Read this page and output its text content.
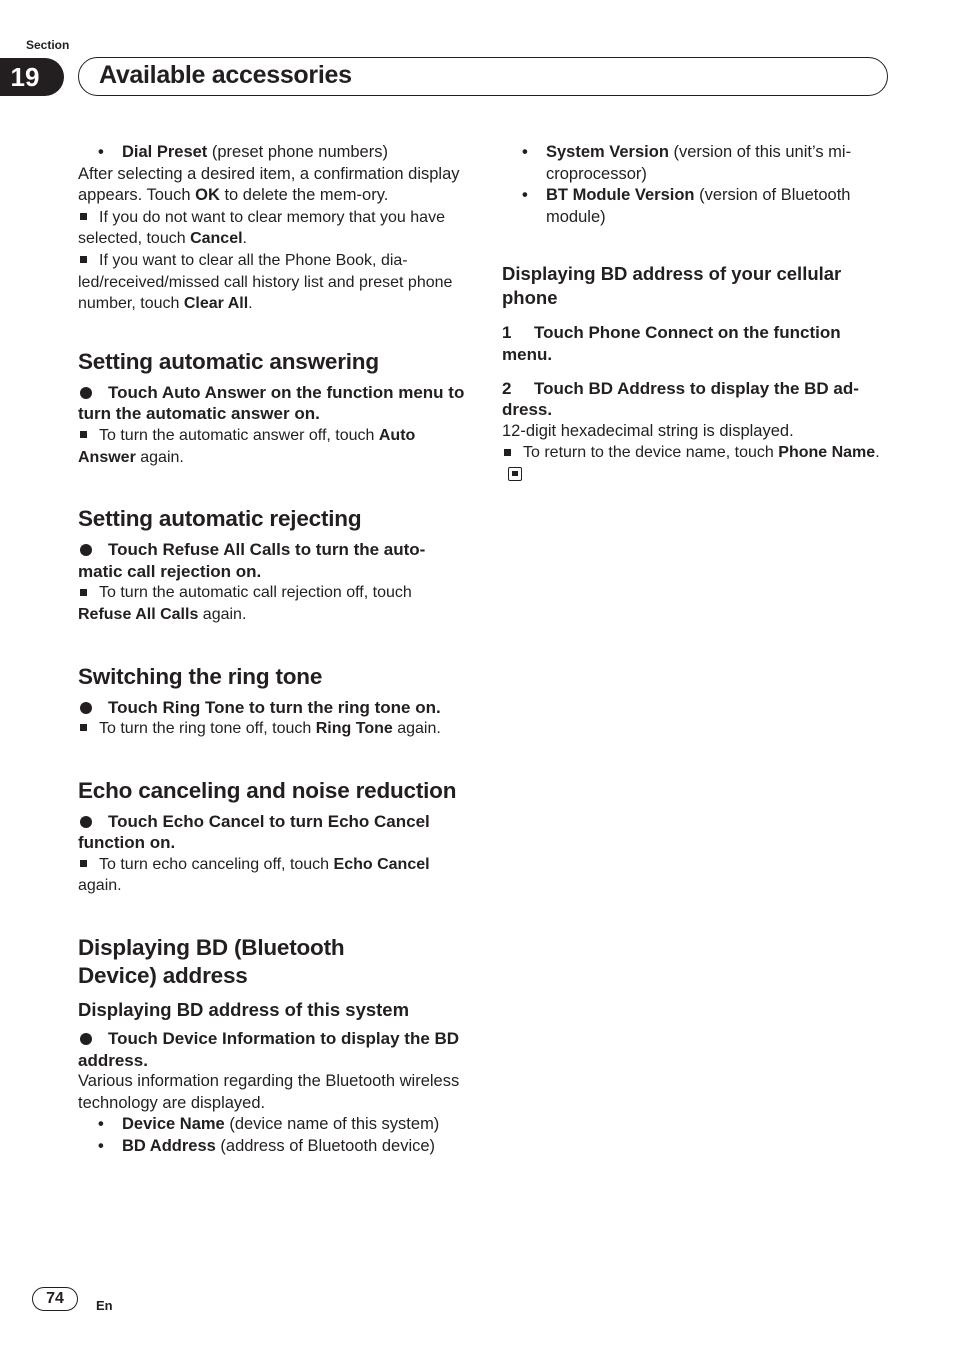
Section
19	Available accessories
•	Dial Preset (preset phone numbers)

After selecting a desired item, a confirmation display appears. Touch OK to delete the mem-ory.

If you do not want to clear memory that you have selected, touch Cancel.

If you want to clear all the Phone Book, dia-led/received/missed call history list and preset phone number, touch Clear All.

Setting automatic answering

Touch Auto Answer on the function menu to turn the automatic answer on.

To turn the automatic answer off, touch Auto Answer again.

Setting automatic rejecting

Touch Refuse All Calls to turn the auto-matic call rejection on.

To turn the automatic call rejection off, touch Refuse All Calls again.

Switching the ring tone

Touch Ring Tone to turn the ring tone on.

To turn the ring tone off, touch Ring Tone again.

Echo canceling and noise reduction

Touch Echo Cancel to turn Echo Cancel function on.

To turn echo canceling off, touch Echo Cancel again.

Displaying BD (Bluetooth Device) address
Displaying BD address of this system

Touch Device Information to display the BD address.

Various information regarding the Bluetooth wireless technology are displayed.

•	Device Name (device name of this system)
•	BD Address (address of Bluetooth device)
•	System Version (version of this unit’s mi-croprocessor)
•	BT Module Version (version of Bluetooth module)
Displaying BD address of your cellular phone

1 Touch Phone Connect on the function menu.

2 Touch BD Address to display the BD ad-dress.

12-digit hexadecimal string is displayed.

To return to the device name, touch Phone Name.

74	En
